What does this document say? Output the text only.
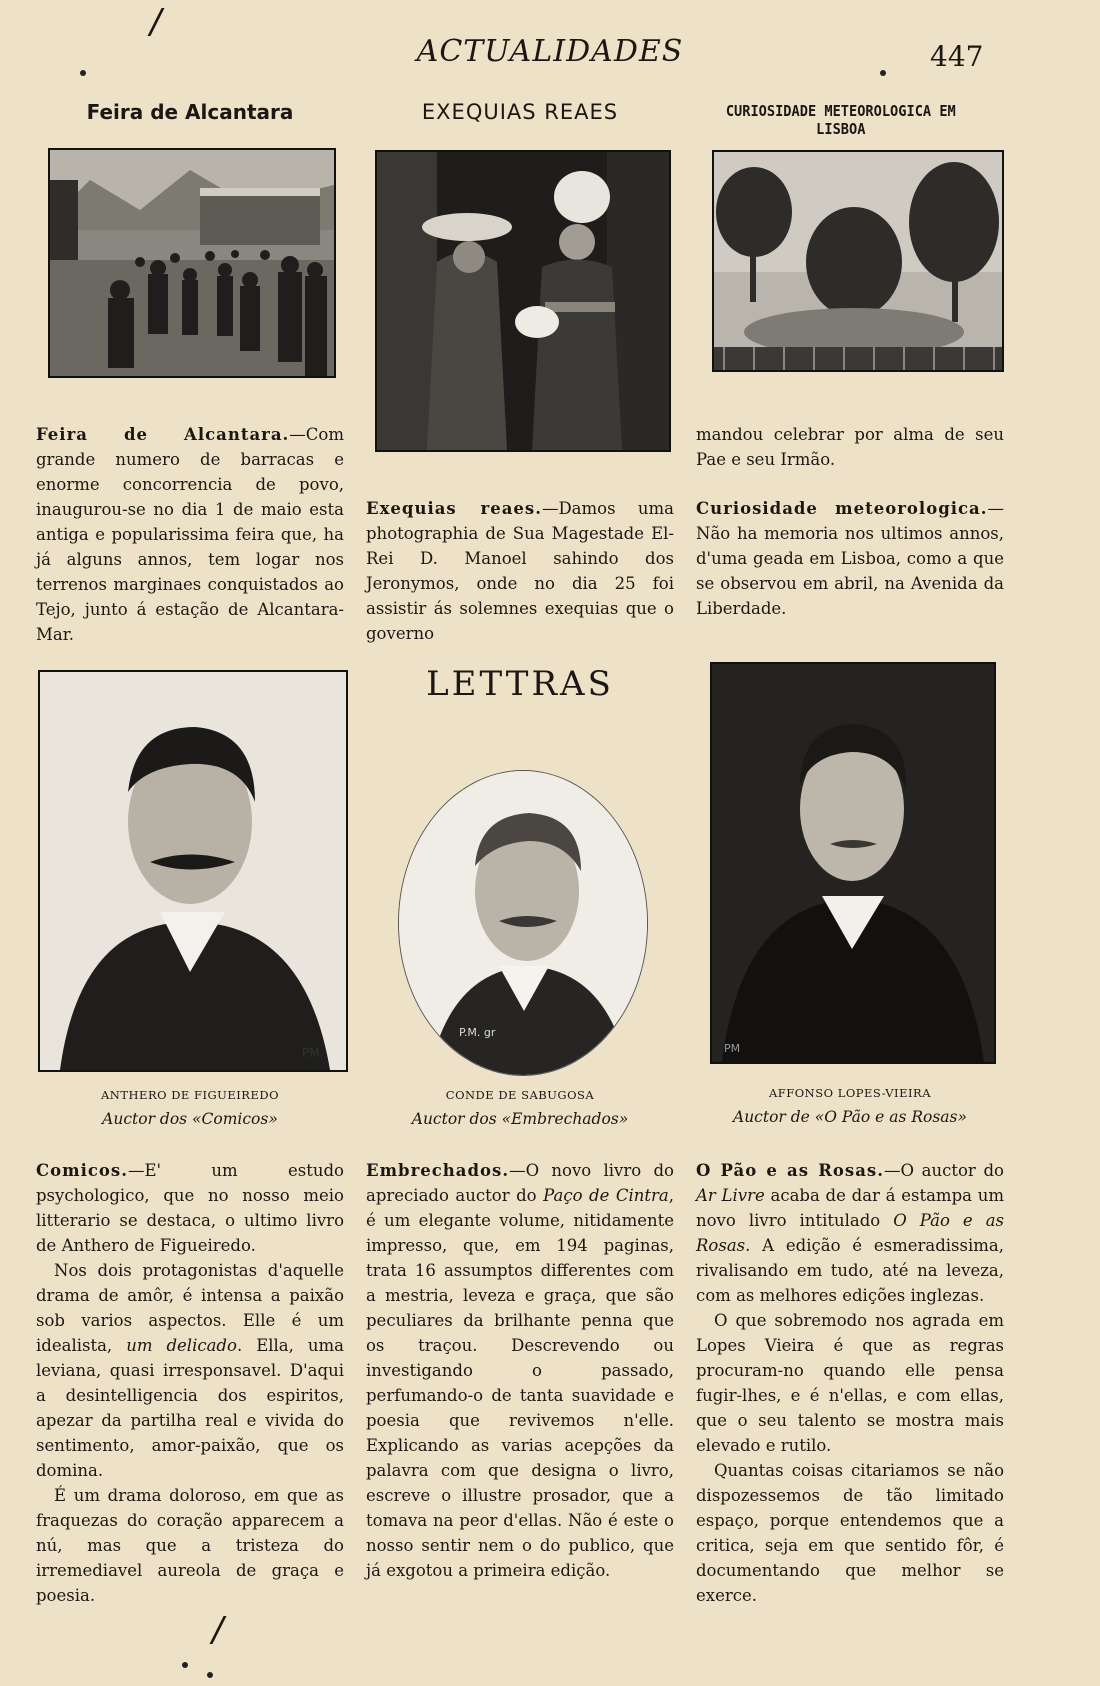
/
/
ACTUALIDADES	447
Feira de Alcantara	EXEQUIAS REAES	CURIOSIDADE METEOROLOGICA EM LISBOA

Feira de Alcantara.—Com grande numero de barracas e enorme concorrencia de povo, inaugurou-se no dia 1 de maio esta antiga e popularissima feira que, ha já alguns annos, tem logar nos terrenos marginaes conquistados ao Tejo, junto á estação de Alcantara-Mar.

Exequias reaes.—Damos uma photographia de Sua Magestade El-Rei D. Manoel sahindo dos Jeronymos, onde no dia 25 foi assistir ás solemnes exequias que o governo

mandou celebrar por alma de seu Pae e seu Irmão.

Curiosidade meteorologica.—Não ha memoria nos ultimos annos, d'uma geada em Lisboa, como a que se observou em abril, na Avenida da Liberdade.

LETTRAS
PM
P.M. gr
PM
ANTHERO DE FIGUEIREDO
Auctor dos «Comicos»
CONDE DE SABUGOSA
Auctor dos «Embrechados»
AFFONSO LOPES-VIEIRA
Auctor de «O Pão e as Rosas»

Comicos.—E' um estudo psychologico, que no nosso meio litterario se destaca, o ultimo livro de Anthero de Figueiredo.

Nos dois protagonistas d'aquelle drama de amôr, é intensa a paixão sob varios aspectos. Elle é um idealista, um delicado. Ella, uma leviana, quasi irresponsavel. D'aqui a desintelligencia dos espiritos, apezar da partilha real e vivida do sentimento, amor-paixão, que os domina.

É um drama doloroso, em que as fraquezas do coração apparecem a nú, mas que a tristeza do irremediavel aureola de graça e poesia.

Embrechados.—O novo livro do apreciado auctor do Paço de Cintra, é um elegante volume, nitidamente impresso, que, em 194 paginas, trata 16 assumptos differentes com a mestria, leveza e graça, que são peculiares da brilhante penna que os traçou. Descrevendo ou investigando o passado, perfumando-o de tanta suavidade e poesia que revivemos n'elle. Explicando as varias acepções da palavra com que designa o livro, escreve o illustre prosador, que a tomava na peor d'ellas. Não é este o nosso sentir nem o do publico, que já exgotou a primeira edição.

O Pão e as Rosas.—O auctor do Ar Livre acaba de dar á estampa um novo livro intitulado O Pão e as Rosas. A edição é esmeradissima, rivalisando em tudo, até na leveza, com as melhores edições inglezas.

O que sobremodo nos agrada em Lopes Vieira é que as regras procuram-no quando elle pensa fugir-lhes, e é n'ellas, e com ellas, que o seu talento se mostra mais elevado e rutilo.

Quantas coisas citariamos se não dispozessemos de tão limitado espaço, porque entendemos que a critica, seja em que sentido fôr, é documentando que melhor se exerce.
